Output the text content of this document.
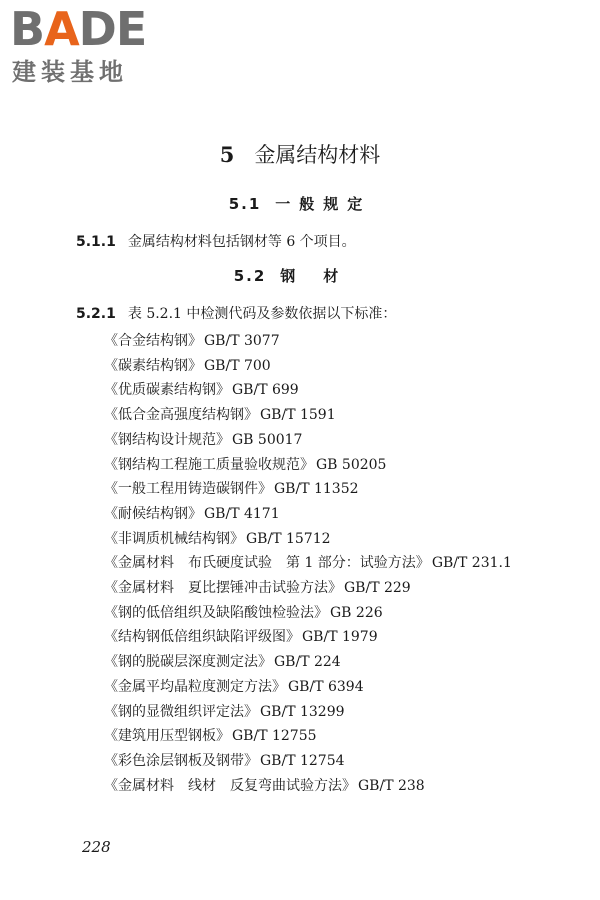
BADE
建装基地
5 金属结构材料
5.1 一般规定
5.1.1 金属结构材料包括钢材等 6 个项目。
5.2 钢材
5.2.1 表 5.2.1 中检测代码及参数依据以下标准：
《合金结构钢》 GB/T 3077
《碳素结构钢》 GB/T 700
《优质碳素结构钢》 GB/T 699
《低合金高强度结构钢》 GB/T 1591
《钢结构设计规范》 GB 50017
《钢结构工程施工质量验收规范》 GB 50205
《一般工程用铸造碳钢件》 GB/T 11352
《耐候结构钢》 GB/T 4171
《非调质机械结构钢》 GB/T 15712
《金属材料　布氏硬度试验　第 1 部分：试验方法》 GB/T 231.1
《金属材料　夏比摆锤冲击试验方法》 GB/T 229
《钢的低倍组织及缺陷酸蚀检验法》 GB 226
《结构钢低倍组织缺陷评级图》 GB/T 1979
《钢的脱碳层深度测定法》 GB/T 224
《金属平均晶粒度测定方法》 GB/T 6394
《钢的显微组织评定法》 GB/T 13299
《建筑用压型钢板》 GB/T 12755
《彩色涂层钢板及钢带》 GB/T 12754
《金属材料　线材　反复弯曲试验方法》 GB/T 238
228
